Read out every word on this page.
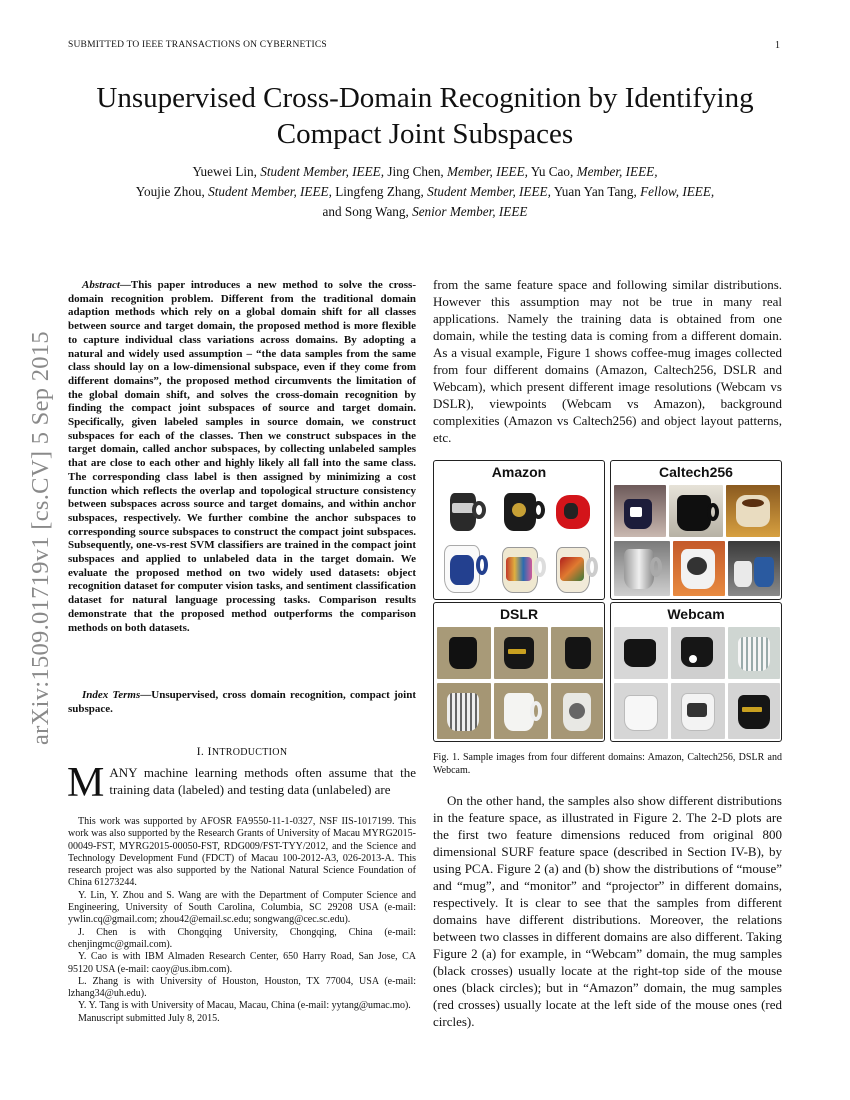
SUBMITTED TO IEEE TRANSACTIONS ON CYBERNETICS	1
Unsupervised Cross-Domain Recognition by Identifying Compact Joint Subspaces
Yuewei Lin, Student Member, IEEE, Jing Chen, Member, IEEE, Yu Cao, Member, IEEE,
Youjie Zhou, Student Member, IEEE, Lingfeng Zhang, Student Member, IEEE, Yuan Yan Tang, Fellow, IEEE,
and Song Wang, Senior Member, IEEE
arXiv:1509.01719v1 [cs.CV] 5 Sep 2015
Abstract—This paper introduces a new method to solve the cross-domain recognition problem. Different from the traditional domain adaption methods which rely on a global domain shift for all classes between source and target domain, the proposed method is more flexible to capture individual class variations across domains. By adopting a natural and widely used assumption – “the data samples from the same class should lay on a low-dimensional subspace, even if they come from different domains”, the proposed method circumvents the limitation of the global domain shift, and solves the cross-domain recognition by finding the compact joint subspaces of source and target domain. Specifically, given labeled samples in source domain, we construct subspaces for each of the classes. Then we construct subspaces in the target domain, called anchor subspaces, by collecting unlabeled samples that are close to each other and highly likely all fall into the same class. The corresponding class label is then assigned by minimizing a cost function which reflects the overlap and topological structure consistency between subspaces across source and target domains, and within anchor subspaces, respectively. We further combine the anchor subspaces to corresponding source subspaces to construct the compact joint subspaces. Subsequently, one-vs-rest SVM classifiers are trained in the compact joint subspaces and applied to unlabeled data in the target domain. We evaluate the proposed method on two widely used datasets: object recognition dataset for computer vision tasks, and sentiment classification dataset for natural language processing tasks. Comparison results demonstrate that the proposed method outperforms the comparison methods on both datasets.
Index Terms—Unsupervised, cross domain recognition, compact joint subspace.
I. INTRODUCTION
MANY machine learning methods often assume that the training data (labeled) and testing data (unlabeled) are

This work was supported by AFOSR FA9550-11-1-0327, NSF IIS-1017199. This work was also supported by the Research Grants of University of Macau MYRG2015-00049-FST, MYRG2015-00050-FST, RDG009/FST-TYY/2012, and the Science and Technology Development Fund (FDCT) of Macau 100-2012-A3, 026-2013-A. This research project was also supported by the National Natural Science Foundation of China 61273244.

Y. Lin, Y. Zhou and S. Wang are with the Department of Computer Science and Engineering, University of South Carolina, Columbia, SC 29208 USA (e-mail: ywlin.cq@gmail.com; zhou42@email.sc.edu; songwang@cec.sc.edu).

J. Chen is with Chongqing University, Chongqing, China (e-mail: chenjingmc@gmail.com).

Y. Cao is with IBM Almaden Research Center, 650 Harry Road, San Jose, CA 95120 USA (e-mail: caoy@us.ibm.com).

L. Zhang is with University of Houston, Houston, TX 77004, USA (e-mail: lzhang34@uh.edu).

Y. Y. Tang is with University of Macau, Macau, China (e-mail: yytang@umac.mo).

Manuscript submitted July 8, 2015.

from the same feature space and following similar distributions. However this assumption may not be true in many real applications. Namely the training data is obtained from one domain, while the testing data is coming from a different domain. As a visual example, Figure 1 shows coffee-mug images collected from four different domains (Amazon, Caltech256, DSLR and Webcam), which present different image resolutions (Webcam vs DSLR), viewpoints (Webcam vs Amazon), background complexities (Amazon vs Caltech256) and object layout patterns, etc.
Amazon	Caltech256
DSLR	Webcam
Fig. 1. Sample images from four different domains: Amazon, Caltech256, DSLR and Webcam.
On the other hand, the samples also show different distributions in the feature space, as illustrated in Figure 2. The 2-D plots are the first two feature dimensions reduced from original 800 dimensional SURF feature space (described in Section IV-B), by using PCA. Figure 2 (a) and (b) show the distributions of “mouse” and “mug”, and “monitor” and “projector” in different domains, respectively. It is clear to see that the samples from different domains have different distributions. Moreover, the relations between two classes in different domains are also different. Taking Figure 2 (a) for example, in “Webcam” domain, the mug samples (black crosses) usually locate at the right-top side of the mouse ones (black circles); but in “Amazon” domain, the mug samples (red crosses) usually locate at the left side of the mouse ones (red circles).
